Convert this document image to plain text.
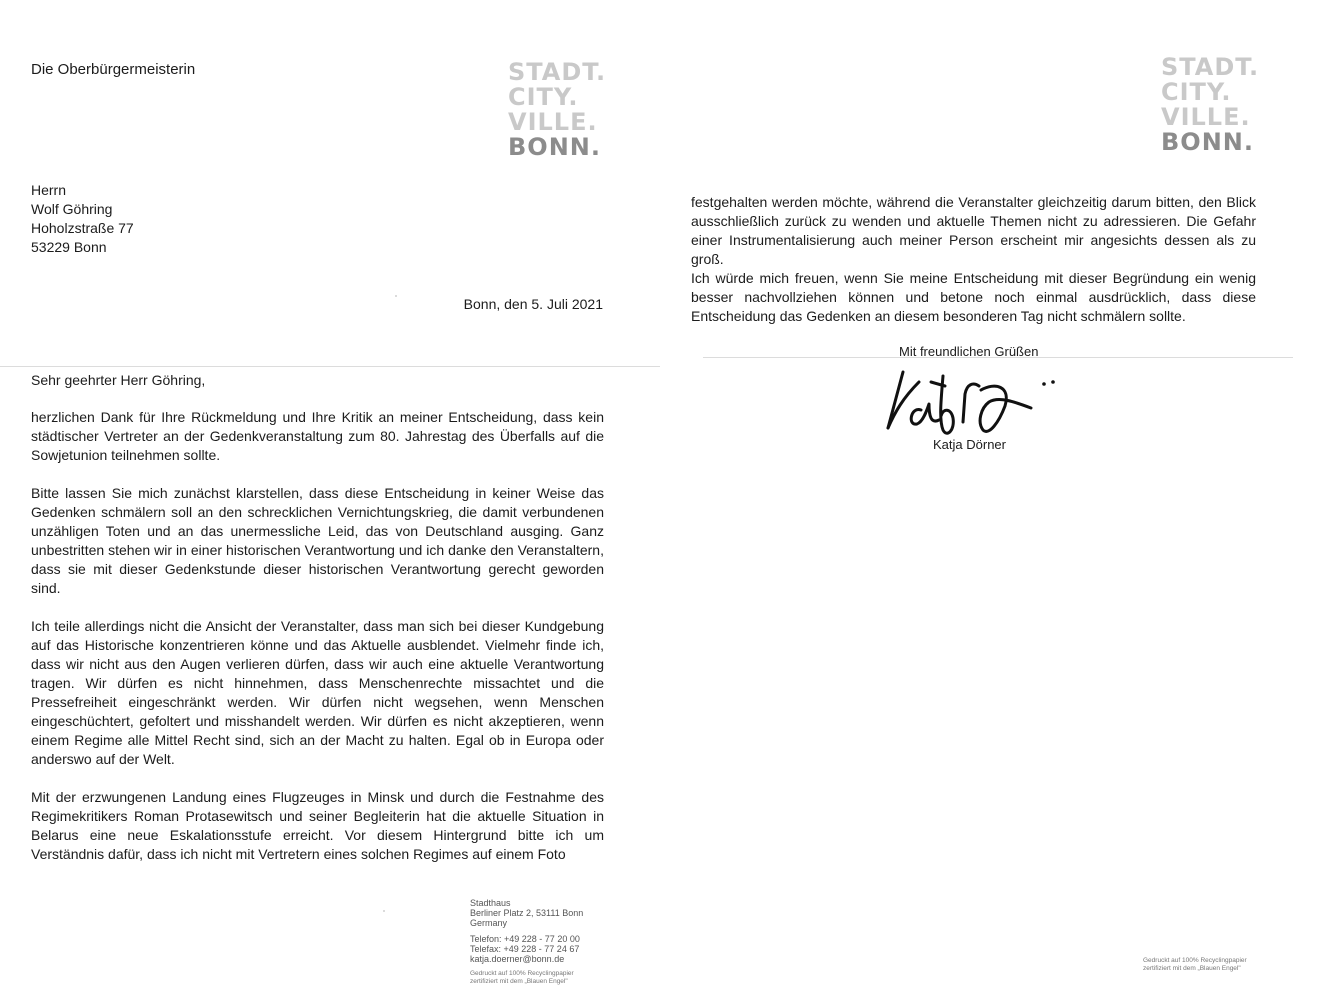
Die Oberbürgermeisterin	STADT.
CITY.
VILLE.
BONN.
Herrn
Wolf Göhring
Hoholzstraße 77
53229 Bonn
Bonn, den 5. Juli 2021
Sehr geehrter Herr Göhring,

herzlichen Dank für Ihre Rückmeldung und Ihre Kritik an meiner Entscheidung, dass kein städtischer Vertreter an der Gedenkveranstaltung zum 80. Jahrestag des Überfalls auf die Sowjetunion teilnehmen sollte.

Bitte lassen Sie mich zunächst klarstellen, dass diese Entscheidung in keiner Weise das Gedenken schmälern soll an den schrecklichen Vernichtungskrieg, die damit verbundenen unzähligen Toten und an das unermessliche Leid, das von Deutschland ausging. Ganz unbestritten stehen wir in einer historischen Verantwortung und ich danke den Veranstaltern, dass sie mit dieser Gedenkstunde dieser historischen Verantwortung gerecht geworden sind.

Ich teile allerdings nicht die Ansicht der Veranstalter, dass man sich bei dieser Kundgebung auf das Historische konzentrieren könne und das Aktuelle ausblendet. Vielmehr finde ich, dass wir nicht aus den Augen verlieren dürfen, dass wir auch eine aktuelle Verantwortung tragen. Wir dürfen es nicht hinnehmen, dass Menschenrechte missachtet und die Pressefreiheit eingeschränkt werden. Wir dürfen nicht wegsehen, wenn Menschen eingeschüchtert, gefoltert und misshandelt werden. Wir dürfen es nicht akzeptieren, wenn einem Regime alle Mittel Recht sind, sich an der Macht zu halten. Egal ob in Europa oder anderswo auf der Welt.

Mit der erzwungenen Landung eines Flugzeuges in Minsk und durch die Festnahme des Regimekritikers Roman Protasewitsch und seiner Begleiterin hat die aktuelle Situation in Belarus eine neue Eskalationsstufe erreicht. Vor diesem Hintergrund bitte ich um Verständnis dafür, dass ich nicht mit Vertretern eines solchen Regimes auf einem Foto

Stadthaus
Berliner Platz 2, 53111 Bonn
Germany
Telefon: +49 228 - 77 20 00
Telefax: +49 228 - 77 24 67
katja.doerner@bonn.de
Gedruckt auf 100% Recyclingpapier
zertifiziert mit dem „Blauen Engel"
STADT.
CITY.
VILLE.
BONN.

festgehalten werden möchte, während die Veranstalter gleichzeitig darum bitten, den Blick ausschließlich zurück zu wenden und aktuelle Themen nicht zu adressieren. Die Gefahr einer Instrumentalisierung auch meiner Person erscheint mir angesichts dessen als zu groß.

Ich würde mich freuen, wenn Sie meine Entscheidung mit dieser Begründung ein wenig besser nachvollziehen können und betone noch einmal ausdrücklich, dass diese Entscheidung das Gedenken an diesem besonderen Tag nicht schmälern sollte.

Mit freundlichen Grüßen
Katja Dörner
Gedruckt auf 100% Recyclingpapier
zertifiziert mit dem „Blauen Engel"
